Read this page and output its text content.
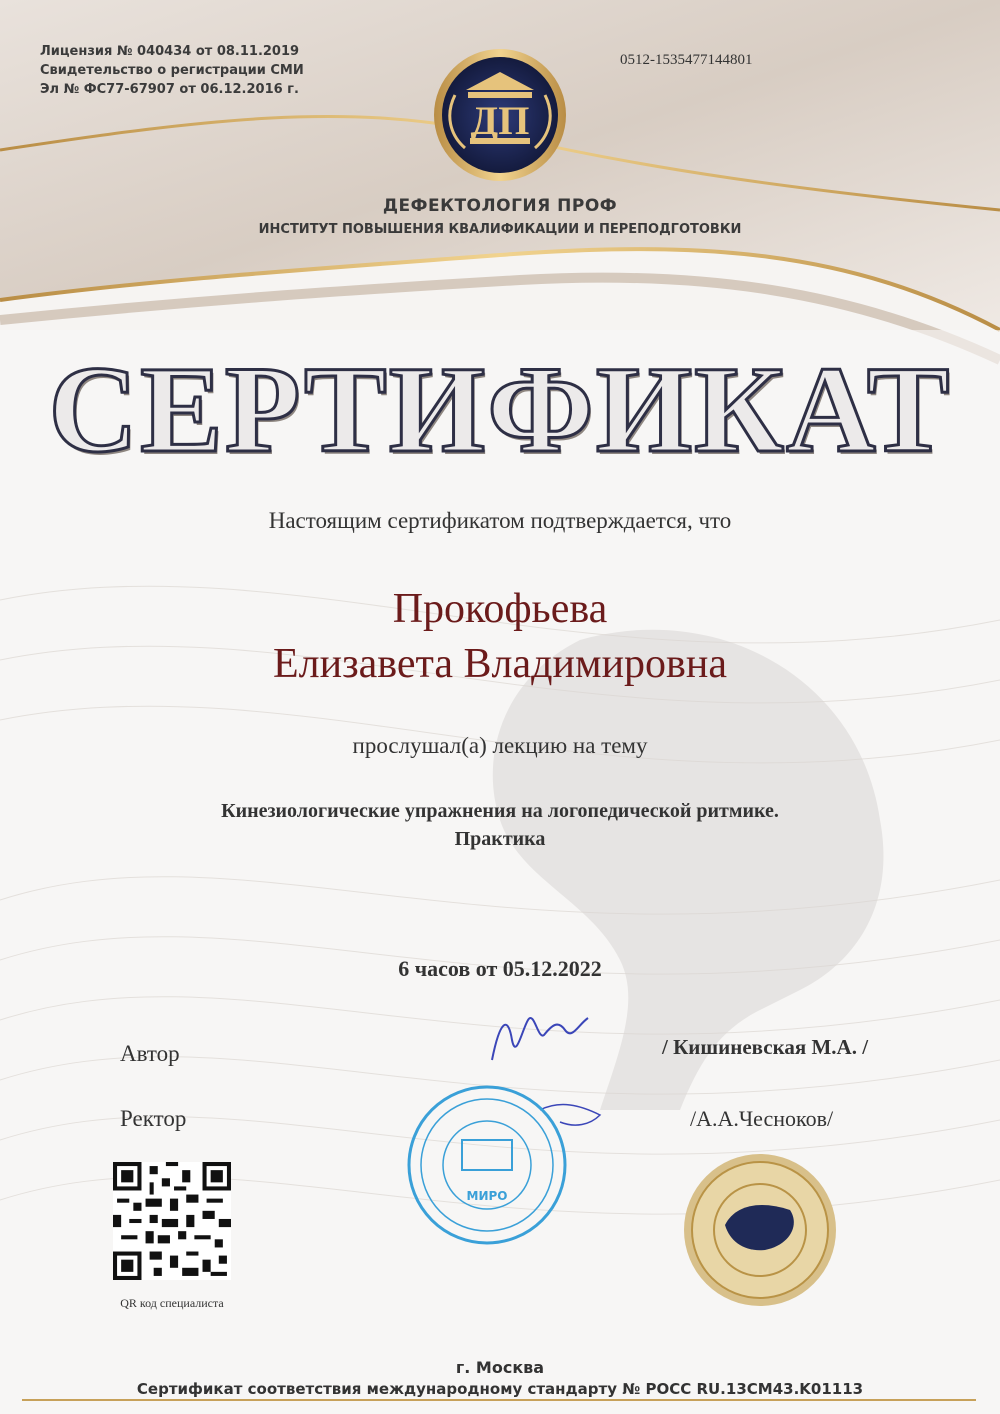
ДП
МИРО
Лицензия № 040434 от 08.11.2019
Свидетельство о регистрации СМИ
Эл № ФС77-67907 от 06.12.2016 г.
0512-1535477144801
ДЕФЕКТОЛОГИЯ ПРОФ
ИНСТИТУТ ПОВЫШЕНИЯ КВАЛИФИКАЦИИ И ПЕРЕПОДГОТОВКИ
СЕРТИФИКАТ
Настоящим сертификатом подтверждается, что
Прокофьева
Елизавета Владимировна
прослушал(а) лекцию на тему
Кинезиологические упражнения на логопедической ритмике.
Практика
6 часов от 05.12.2022
Автор	/ Кишиневская М.А. /
Ректор	/А.А.Чесноков/
QR код специалиста
г. Москва
Сертификат соответствия международному стандарту № РОСС RU.13CM43.K01113
